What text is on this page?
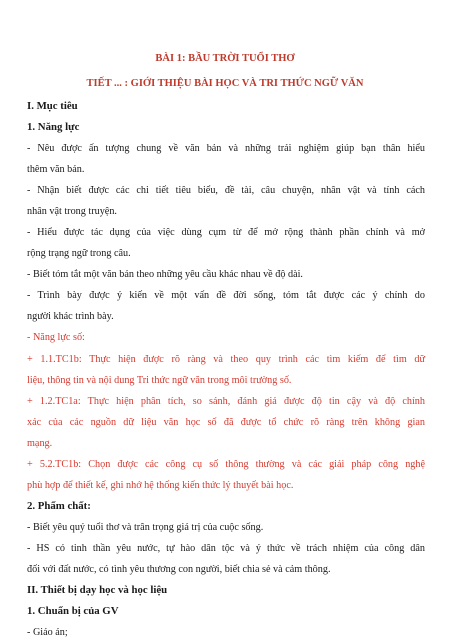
BÀI 1: BẦU TRỜI TUỔI THƠ
TIẾT ... : GIỚI THIỆU BÀI HỌC VÀ TRI THỨC NGỮ VĂN
I. Mục tiêu
1. Năng lực
- Nêu được ấn tượng chung về văn bản và những trải nghiệm giúp bạn thân hiểu
thêm văn bản.
- Nhận biết được các chi tiết tiêu biểu, đề tài, câu chuyện, nhân vật và tính cách
nhân vật trong truyện.
- Hiểu được tác dụng của việc dùng cụm từ để mở rộng thành phần chính và mở
rộng trạng ngữ trong câu.
- Biết tóm tắt một văn bản theo những yêu cầu khác nhau về độ dài.
- Trình bày được ý kiến về một vấn đề đời sống, tóm tắt được các ý chính do
người khác trình bày.
- Năng lực số:
+ 1.1.TC1b: Thực hiện được rõ ràng và theo quy trình các tìm kiếm để tìm dữ
liệu, thông tin và nội dung Tri thức ngữ văn trong môi trường số.
+ 1.2.TC1a: Thực hiện phân tích, so sánh, đánh giá được độ tin cậy và độ chính
xác của các nguồn dữ liệu văn học số đã được tổ chức rõ ràng trên không gian
mạng.
+ 5.2.TC1b: Chọn được các công cụ số thông thường và các giải pháp công nghệ
phù hợp để thiết kế, ghi nhớ hệ thống kiến thức lý thuyết bài học.
2. Phẩm chất:
- Biết yêu quý tuổi thơ và trân trọng giá trị của cuộc sống.
- HS có tinh thần yêu nước, tự hào dân tộc và ý thức về trách nhiệm của công dân
đối với đất nước, có tình yêu thương con người, biết chia sẻ và cảm thông.
II. Thiết bị dạy học và học liệu
1. Chuẩn bị của GV
- Giáo án;
